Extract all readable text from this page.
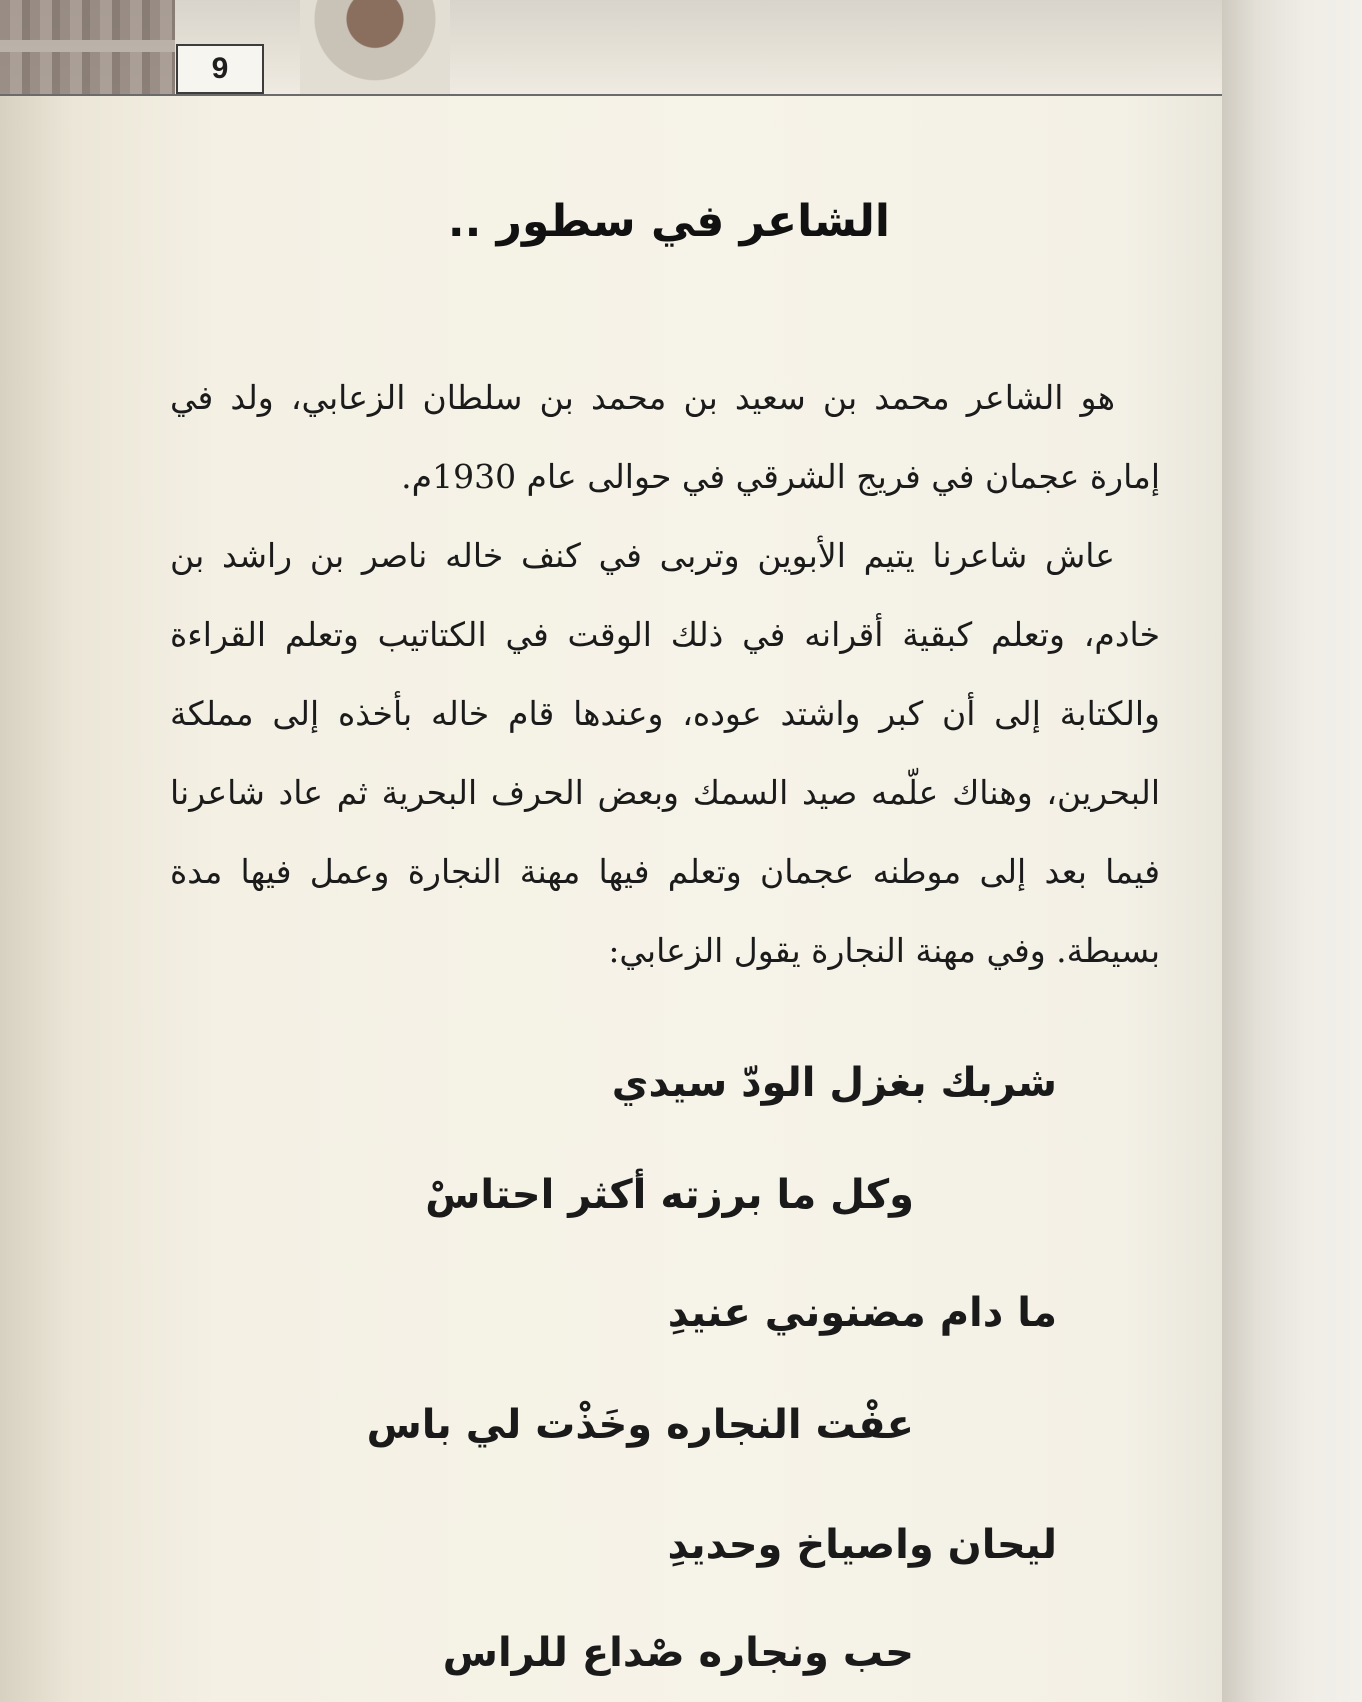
9
الشاعر في سطور ..

هو الشاعر محمد بن سعيد بن محمد بن سلطان الزعابي، ولد في إمارة عجمان في فريج الشرقي في حوالى عام 1930م.

عاش شاعرنا يتيم الأبوين وتربى في كنف خاله ناصر بن راشد بن خادم، وتعلم كبقية أقرانه في ذلك الوقت في الكتاتيب وتعلم القراءة والكتابة إلى أن كبر واشتد عوده، وعندها قام خاله بأخذه إلى مملكة البحرين، وهناك علّمه صيد السمك وبعض الحرف البحرية ثم عاد شاعرنا فيما بعد إلى موطنه عجمان وتعلم فيها مهنة النجارة وعمل فيها مدة بسيطة. وفي مهنة النجارة يقول الزعابي:

شربك بغزل الودّ سيدي
وكل ما برزته أكثر احتاسْ
ما دام مضنوني عنيدِ
عفْت النجاره وخَذْت لي باس
ليحان واصياخ وحديدِ
حب ونجاره صْداع للراس
